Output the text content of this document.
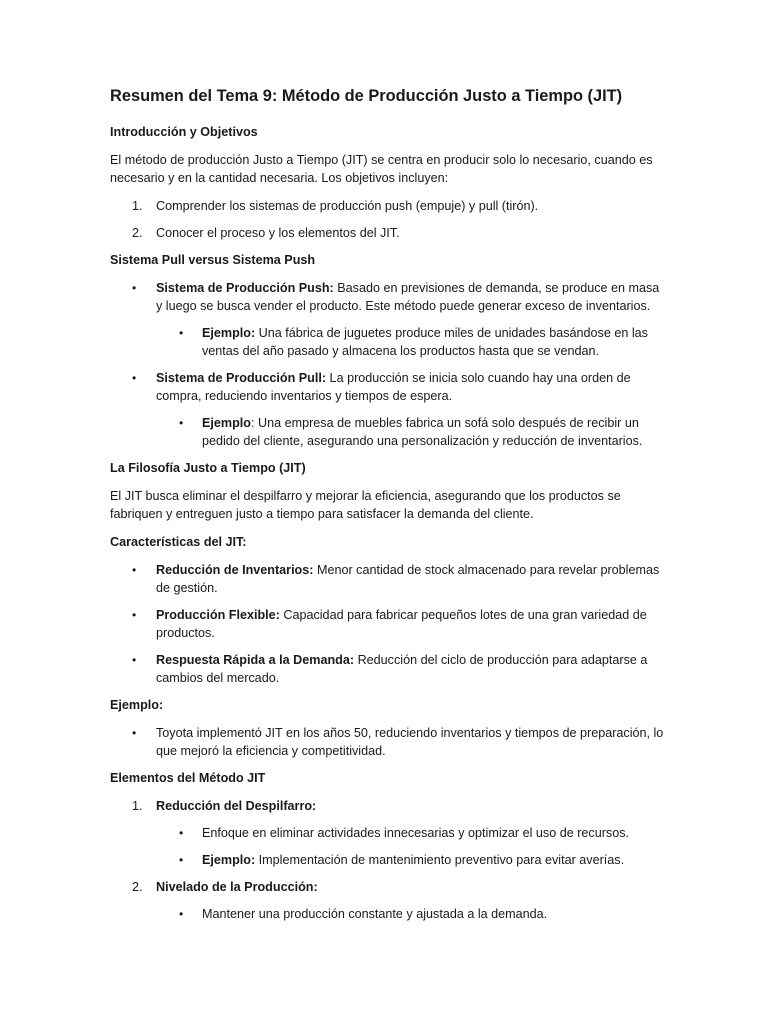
Resumen del Tema 9: Método de Producción Justo a Tiempo (JIT)
Introducción y Objetivos

El método de producción Justo a Tiempo (JIT) se centra en producir solo lo necesario, cuando es necesario y en la cantidad necesaria. Los objetivos incluyen:

1. Comprender los sistemas de producción push (empuje) y pull (tirón).
2. Conocer el proceso y los elementos del JIT.
Sistema Pull versus Sistema Push
• Sistema de Producción Push: Basado en previsiones de demanda, se produce en masa y luego se busca vender el producto. Este método puede generar exceso de inventarios.
• Ejemplo: Una fábrica de juguetes produce miles de unidades basándose en las ventas del año pasado y almacena los productos hasta que se vendan.
• Sistema de Producción Pull: La producción se inicia solo cuando hay una orden de compra, reduciendo inventarios y tiempos de espera.
• Ejemplo: Una empresa de muebles fabrica un sofá solo después de recibir un pedido del cliente, asegurando una personalización y reducción de inventarios.
La Filosofía Justo a Tiempo (JIT)

El JIT busca eliminar el despilfarro y mejorar la eficiencia, asegurando que los productos se fabriquen y entreguen justo a tiempo para satisfacer la demanda del cliente.

Características del JIT:
• Reducción de Inventarios: Menor cantidad de stock almacenado para revelar problemas de gestión.
• Producción Flexible: Capacidad para fabricar pequeños lotes de una gran variedad de productos.
• Respuesta Rápida a la Demanda: Reducción del ciclo de producción para adaptarse a cambios del mercado.
Ejemplo:
• Toyota implementó JIT en los años 50, reduciendo inventarios y tiempos de preparación, lo que mejoró la eficiencia y competitividad.
Elementos del Método JIT
1. Reducción del Despilfarro:
• Enfoque en eliminar actividades innecesarias y optimizar el uso de recursos.
• Ejemplo: Implementación de mantenimiento preventivo para evitar averías.
2. Nivelado de la Producción:
• Mantener una producción constante y ajustada a la demanda.
